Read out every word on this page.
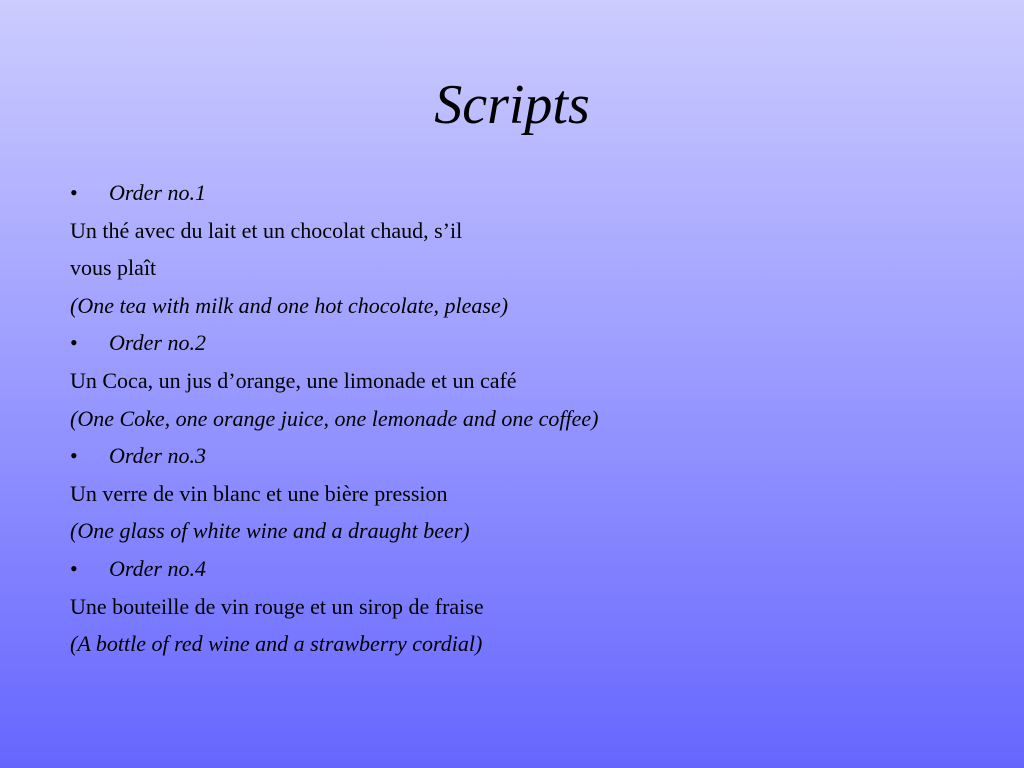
Scripts
•	Order no.1
Un thé avec du lait et un chocolat chaud, s’il
vous plaît
(One tea with milk and one hot chocolate, please)
•	Order no.2
Un Coca, un jus d’orange, une limonade et un café
(One Coke, one orange juice, one lemonade and one coffee)
•	Order no.3
Un verre de vin blanc et une bière pression
(One glass of white wine and a draught beer)
•	Order no.4
Une bouteille de vin rouge et un sirop de fraise
(A bottle of red wine and a strawberry cordial)
